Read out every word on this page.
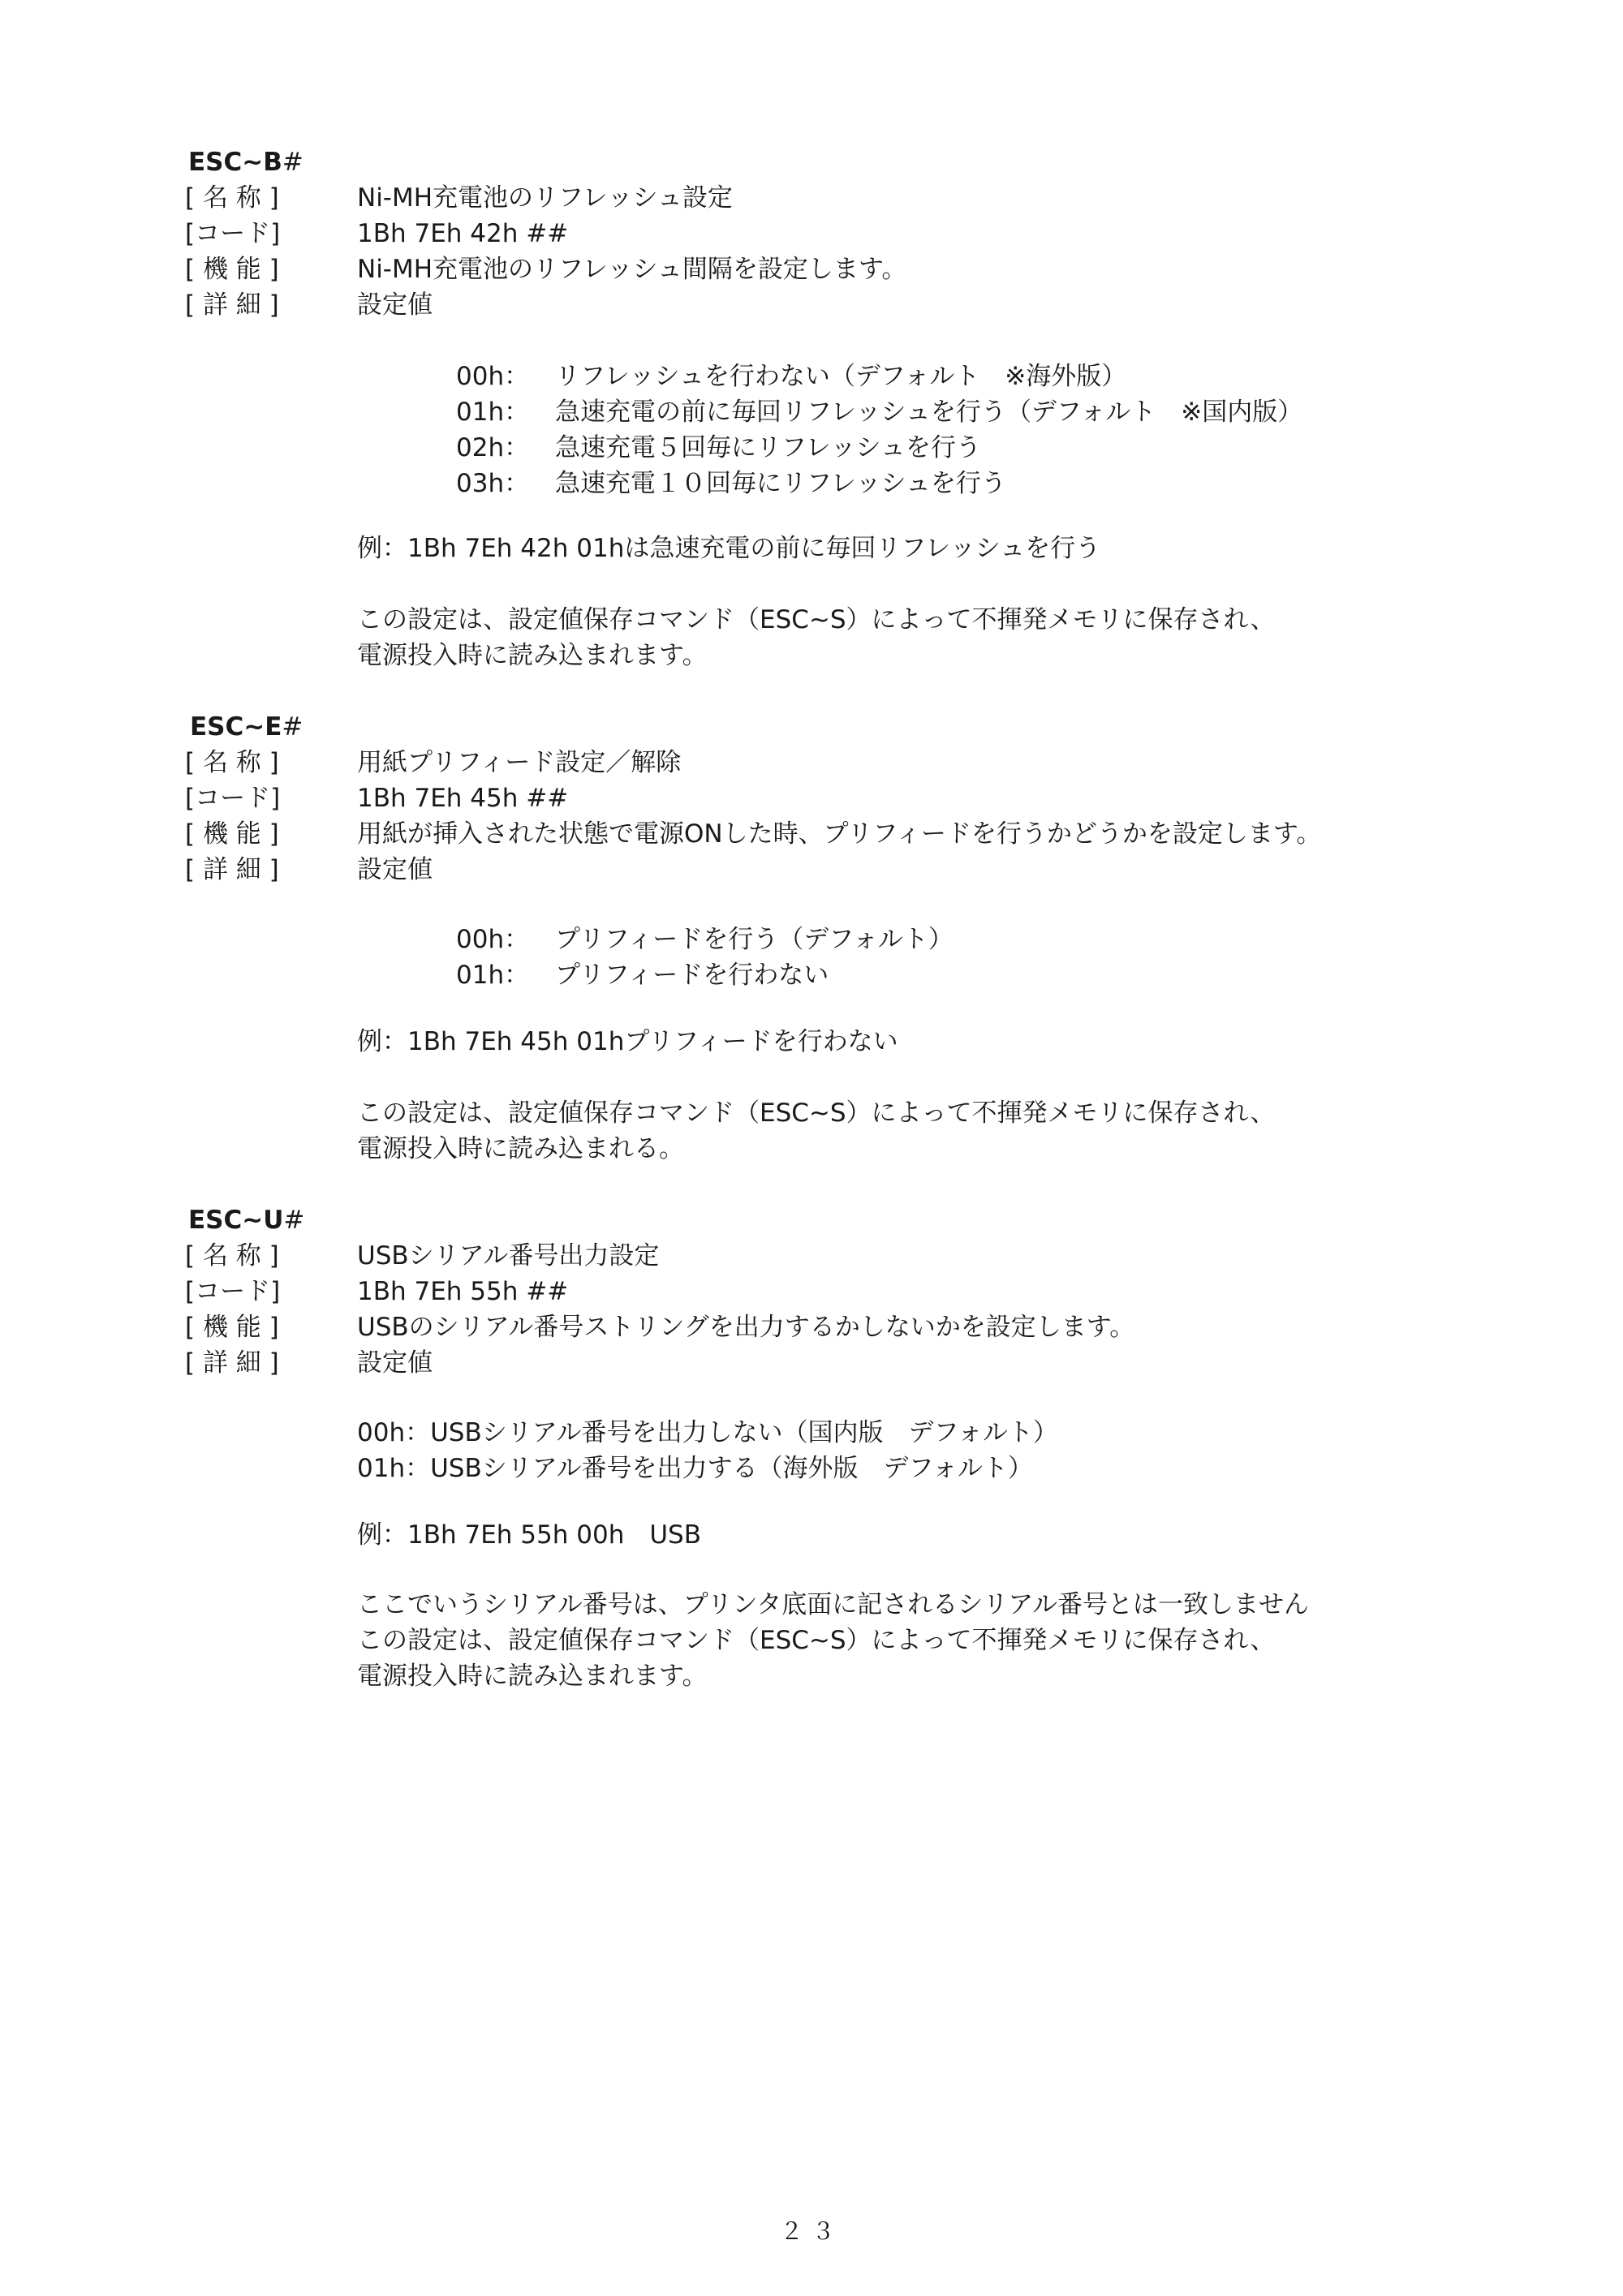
ESC~B#
[ 名 称 ]	Ni-MH充電池のリフレッシュ設定
[コード]	1Bh 7Eh 42h ##
[ 機 能 ]	Ni-MH充電池のリフレッシュ間隔を設定します。
[ 詳 細 ]	設定値
00h： リフレッシュを行わない（デフォルト　※海外版）
01h： 急速充電の前に毎回リフレッシュを行う（デフォルト　※国内版）
02h： 急速充電５回毎にリフレッシュを行う
03h： 急速充電１０回毎にリフレッシュを行う
例：1Bh 7Eh 42h 01hは急速充電の前に毎回リフレッシュを行う
この設定は、設定値保存コマンド（ESC~S）によって不揮発メモリに保存され、
電源投入時に読み込まれます。
ESC~E#
[ 名 称 ]	用紙プリフィード設定／解除
[コード]	1Bh 7Eh 45h ##
[ 機 能 ]	用紙が挿入された状態で電源ONした時、プリフィードを行うかどうかを設定します。
[ 詳 細 ]	設定値
00h： プリフィードを行う（デフォルト）
01h： プリフィードを行わない
例：1Bh 7Eh 45h 01hプリフィードを行わない
この設定は、設定値保存コマンド（ESC~S）によって不揮発メモリに保存され、
電源投入時に読み込まれる。
ESC~U#
[ 名 称 ]	USBシリアル番号出力設定
[コード]	1Bh 7Eh 55h ##
[ 機 能 ]	USBのシリアル番号ストリングを出力するかしないかを設定します。
[ 詳 細 ]	設定値
00h：USBシリアル番号を出力しない（国内版　デフォルト）
01h：USBシリアル番号を出力する（海外版　デフォルト）
例：1Bh 7Eh 55h 00h　USB
ここでいうシリアル番号は、プリンタ底面に記されるシリアル番号とは一致しません
この設定は、設定値保存コマンド（ESC~S）によって不揮発メモリに保存され、
電源投入時に読み込まれます。
２３
